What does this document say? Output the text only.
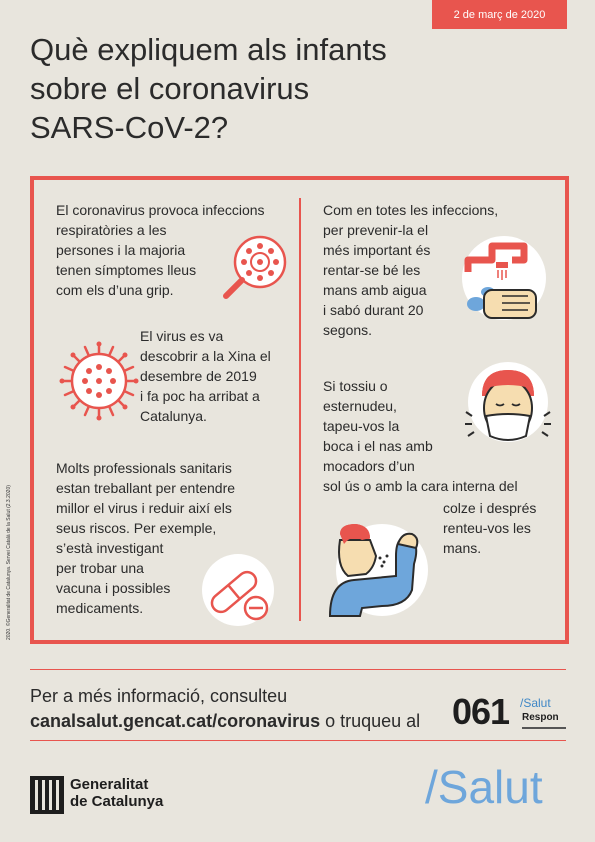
2 de març de 2020
Què expliquem als infants
sobre el coronavirus
SARS-CoV-2?
2020. ©Generalitat de Catalunya. Servei Català de la Salut (2.3.2020)

El coronavirus provoca infeccions
respiratòries a les
persones i la majoria
tenen símptomes lleus
com els d’una grip.

El virus es va
descobrir a la Xina el
desembre de 2019
i fa poc ha arribat a
Catalunya.

Molts professionals sanitaris
estan treballant per entendre
millor el virus i reduir així els
seus riscos. Per exemple,
s’està investigant
per trobar una
vacuna i possibles
medicaments.

Com en totes les infeccions,
per prevenir-la el
més important és
rentar-se bé les
mans amb aigua
i sabó durant 20
segons.

Si tossiu o
esternudeu,
tapeu-vos la
boca i el nas amb
mocadors d’un
sol ús o amb la cara interna del

colze i després
renteu-vos les
mans.

Per a més informació, consulteu
canalsalut.gencat.cat/coronavirus o truqueu al 061 /Salut
Respon
Generalitat
de Catalunya	/Salut
